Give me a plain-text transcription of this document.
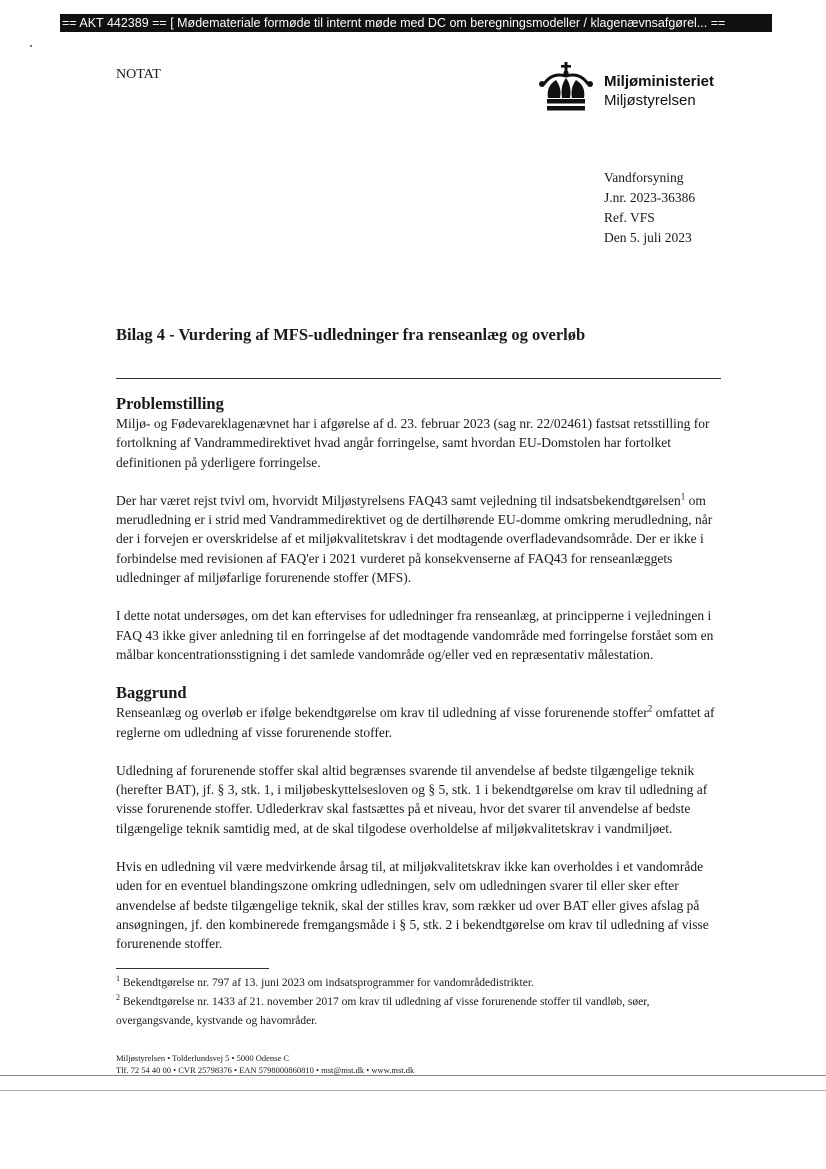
== AKT 442389 == [ Mødemateriale formøde til internt møde med DC om beregningsmodeller / klagenævnsafgørel... ==
NOTAT	Miljøministeriet
Miljøstyrelsen
Vandforsyning
J.nr. 2023-36386
Ref. VFS
Den 5. juli 2023
Bilag 4 - Vurdering af MFS-udledninger fra renseanlæg og overløb
Problemstilling

Miljø- og Fødevareklagenævnet har i afgørelse af d. 23. februar 2023 (sag nr. 22/02461) fastsat retsstilling for fortolkning af Vandrammedirektivet hvad angår forringelse, samt hvordan EU-Domstolen har fortolket definitionen på yderligere forringelse.

Der har været rejst tvivl om, hvorvidt Miljøstyrelsens FAQ43 samt vejledning til indsatsbekendtgørelsen$^1$ om merudledning er i strid med Vandrammedirektivet og de dertilhørende EU-domme omkring merudledning, når der i forvejen er overskridelse af et miljøkvalitetskrav i det modtagende overfladevandsområde. Der er ikke i forbindelse med revisionen af FAQ'er i 2021 vurderet på konsekvenserne af FAQ43 for renseanlæggets udledninger af miljøfarlige forurenende stoffer (MFS).

I dette notat undersøges, om det kan eftervises for udledninger fra renseanlæg, at principperne i vejledningen i FAQ 43 ikke giver anledning til en forringelse af det modtagende vandområde med forringelse forstået som en målbar koncentrationsstigning i det samlede vandområde og/eller ved en repræsentativ målestation.

Baggrund

Renseanlæg og overløb er ifølge bekendtgørelse om krav til udledning af visse forurenende stoffer$^2$ omfattet af reglerne om udledning af visse forurenende stoffer.

Udledning af forurenende stoffer skal altid begrænses svarende til anvendelse af bedste tilgængelige teknik (herefter BAT), jf. § 3, stk. 1, i miljøbeskyttelsesloven og § 5, stk. 1 i bekendtgørelse om krav til udledning af visse forurenende stoffer. Udlederkrav skal fastsættes på et niveau, hvor det svarer til anvendelse af bedste tilgængelige teknik samtidig med, at de skal tilgodese overholdelse af miljøkvalitetskrav i vandmiljøet.

Hvis en udledning vil være medvirkende årsag til, at miljøkvalitetskrav ikke kan overholdes i et vandområde uden for en eventuel blandingszone omkring udledningen, selv om udledningen svarer til eller sker efter anvendelse af bedste tilgængelige teknik, skal der stilles krav, som rækker ud over BAT eller gives afslag på ansøgningen, jf. den kombinerede fremgangsmåde i § 5, stk. 2 i bekendtgørelse om krav til udledning af visse forurenende stoffer.

$^1$ Bekendtgørelse nr. 797 af 13. juni 2023 om indsatsprogrammer for vandområdedistrikter.
$^2$ Bekendtgørelse nr. 1433 af 21. november 2017 om krav til udledning af visse forurenende stoffer til vandløb, søer, overgangsvande, kystvande og havområder.
Miljøstyrelsen • Tolderlundsvej 5 • 5000 Odense C
Tlf. 72 54 40 00 • CVR 25798376 • EAN 5798000860810 • mst@mst.dk • www.mst.dk
